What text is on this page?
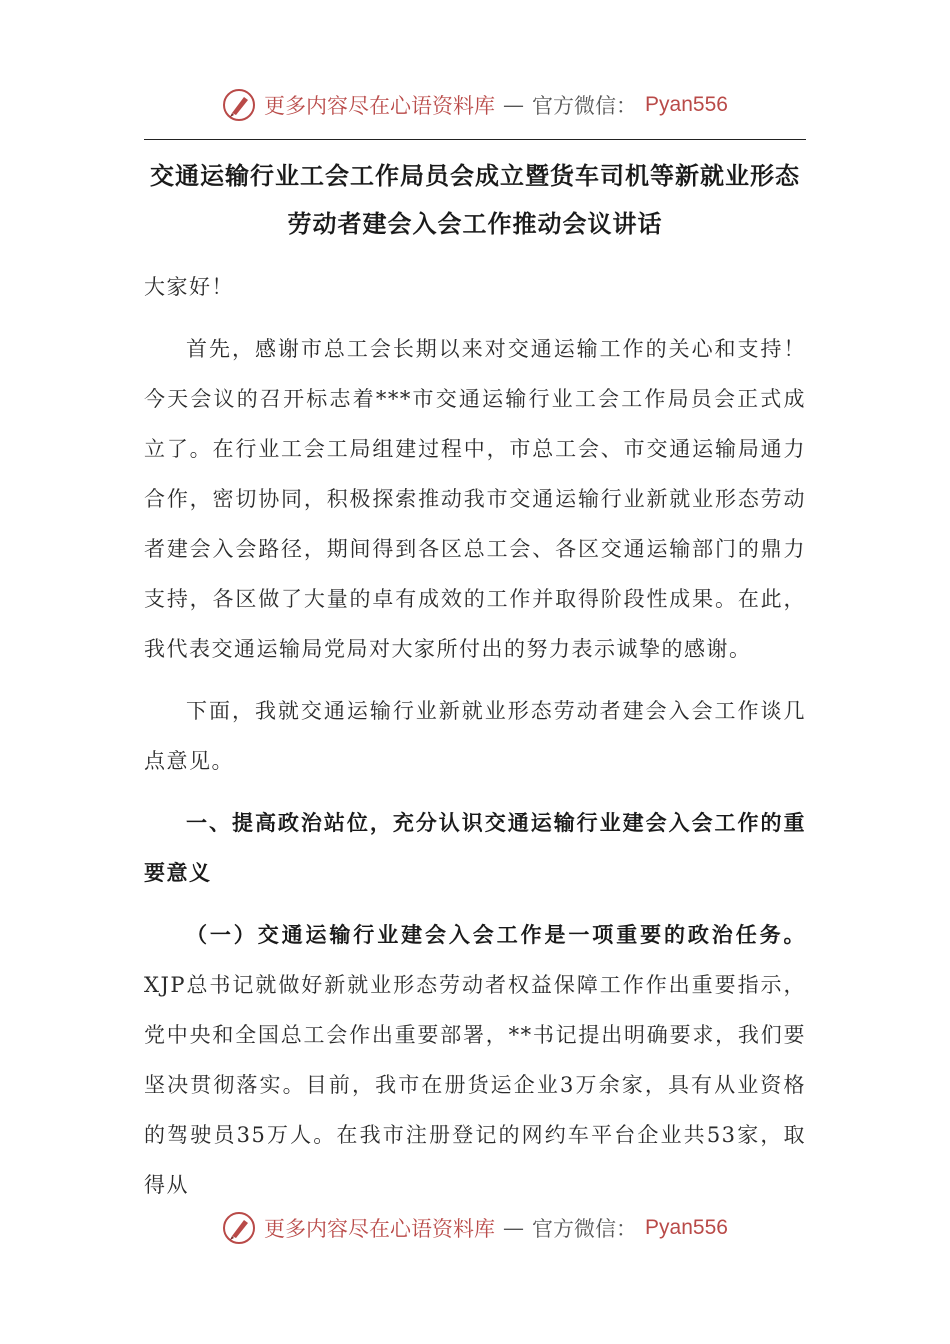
更多内容尽在心语资料库 — 官方微信： Pyan556
交通运输行业工会工作局员会成立暨货车司机等新就业形态劳动者建会入会工作推动会议讲话

大家好！

首先，感谢市总工会长期以来对交通运输工作的关心和支持！今天会议的召开标志着***市交通运输行业工会工作局员会正式成立了。在行业工会工局组建过程中，市总工会、市交通运输局通力合作，密切协同，积极探索推动我市交通运输行业新就业形态劳动者建会入会路径，期间得到各区总工会、各区交通运输部门的鼎力支持，各区做了大量的卓有成效的工作并取得阶段性成果。在此，我代表交通运输局党局对大家所付出的努力表示诚挚的感谢。

下面，我就交通运输行业新就业形态劳动者建会入会工作谈几点意见。

一、提高政治站位，充分认识交通运输行业建会入会工作的重要意义

（一）交通运输行业建会入会工作是一项重要的政治任务。XJP总书记就做好新就业形态劳动者权益保障工作作出重要指示，党中央和全国总工会作出重要部署，**书记提出明确要求，我们要坚决贯彻落实。目前，我市在册货运企业3万余家，具有从业资格的驾驶员35万人。在我市注册登记的网约车平台企业共53家，取得从

更多内容尽在心语资料库 — 官方微信： Pyan556
